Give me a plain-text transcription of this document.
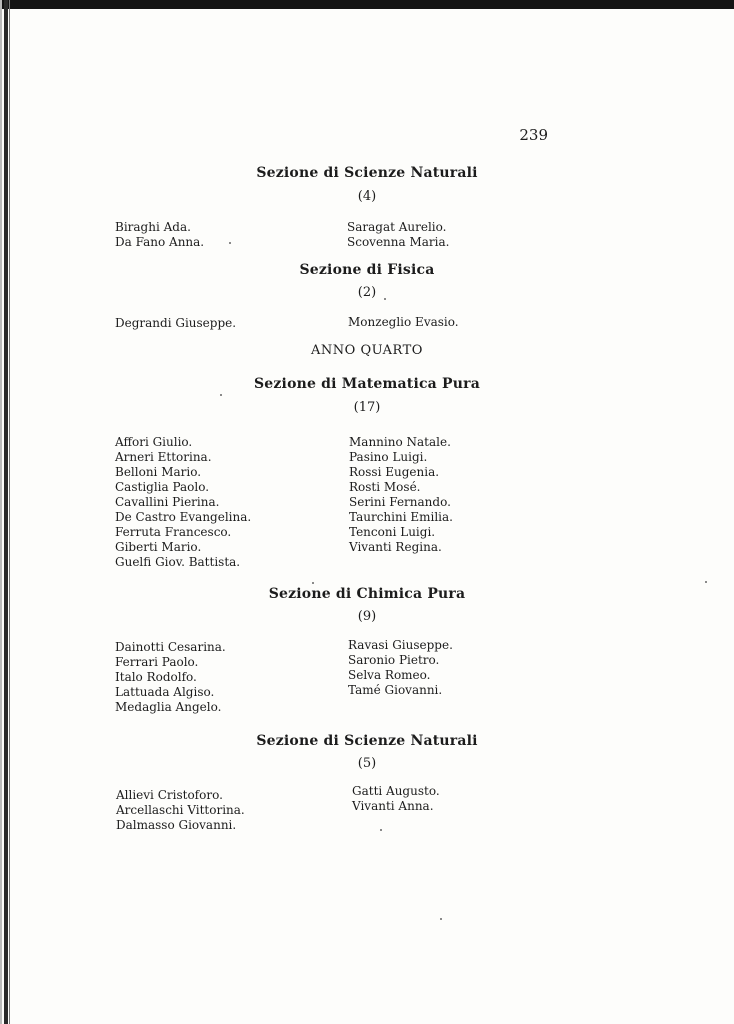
239
Sezione di Scienze Naturali
(4)
Biraghi Ada.
Da Fano Anna.
Saragat Aurelio.
Scovenna Maria.
Sezione di Fisica
(2)
Degrandi Giuseppe.	Monzeglio Evasio.
ANNO QUARTO
Sezione di Matematica Pura
(17)
Affori Giulio.
Arneri Ettorina.
Belloni Mario.
Castiglia Paolo.
Cavallini Pierina.
De Castro Evangelina.
Ferruta Francesco.
Giberti Mario.
Guelfi Giov. Battista.
Mannino Natale.
Pasino Luigi.
Rossi Eugenia.
Rosti Mosé.
Serini Fernando.
Taurchini Emilia.
Tenconi Luigi.
Vivanti Regina.
Sezione di Chimica Pura
(9)
Dainotti Cesarina.
Ferrari Paolo.
Italo Rodolfo.
Lattuada Algiso.
Medaglia Angelo.
Ravasi Giuseppe.
Saronio Pietro.
Selva Romeo.
Tamé Giovanni.
Sezione di Scienze Naturali
(5)
Allievi Cristoforo.
Arcellaschi Vittorina.
Dalmasso Giovanni.
Gatti Augusto.
Vivanti Anna.
